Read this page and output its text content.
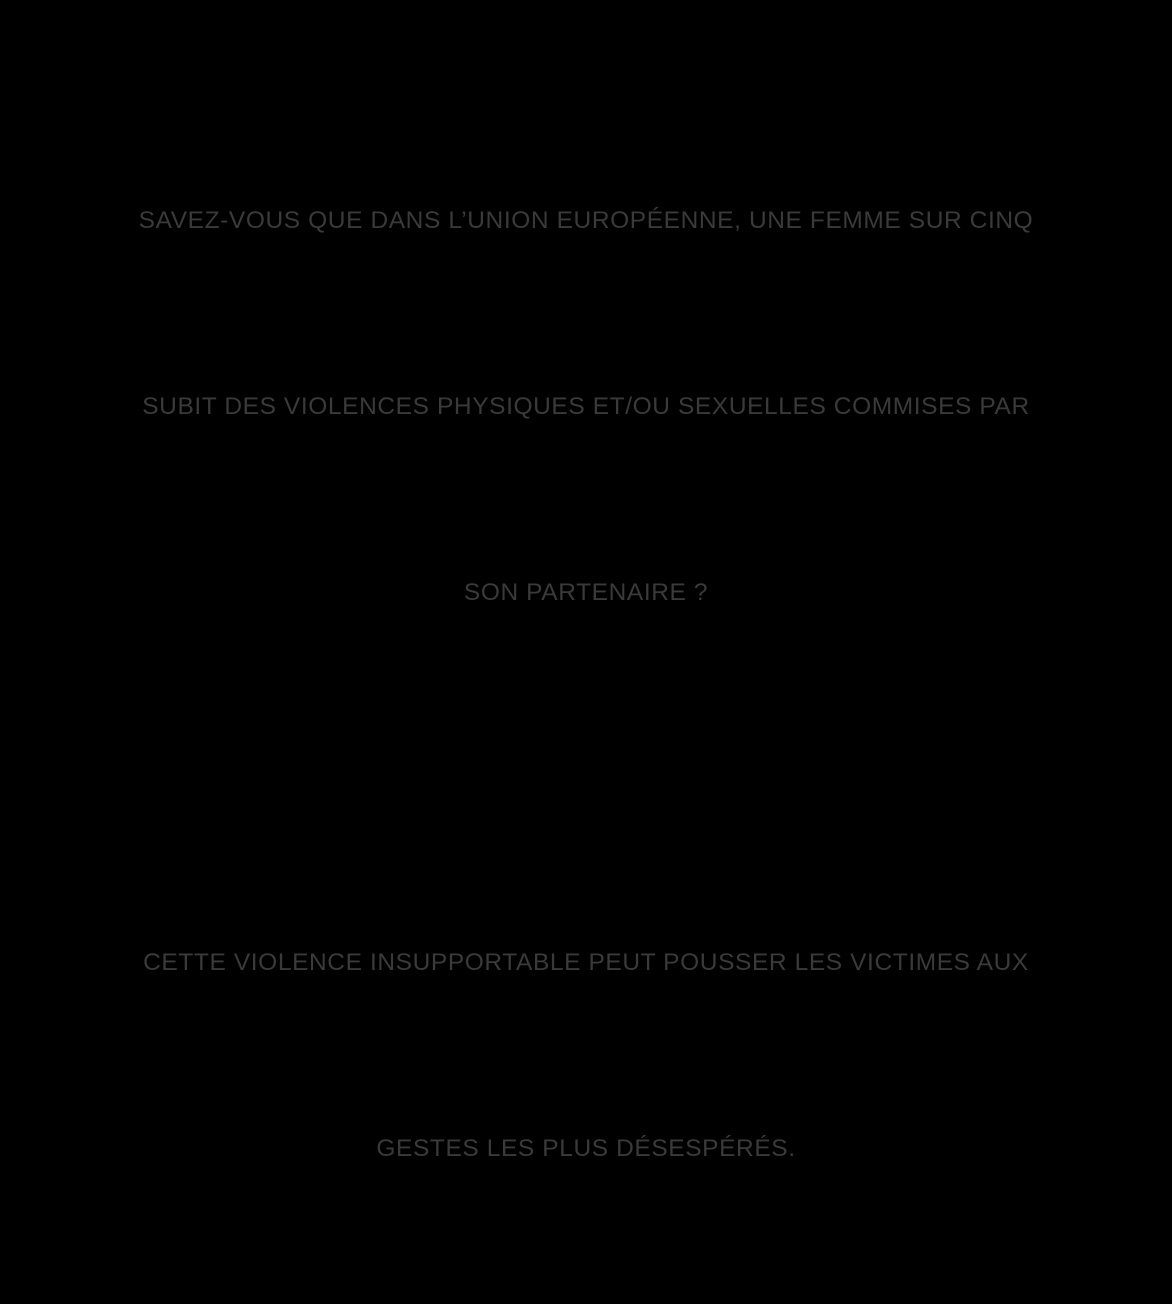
SAVEZ-VOUS QUE DANS L’UNION EUROPÉENNE, UNE FEMME SUR CINQ

SUBIT DES VIOLENCES PHYSIQUES ET/OU SEXUELLES COMMISES PAR

SON PARTENAIRE ?

CETTE VIOLENCE INSUPPORTABLE PEUT POUSSER LES VICTIMES AUX

GESTES LES PLUS DÉSESPÉRÉS.
